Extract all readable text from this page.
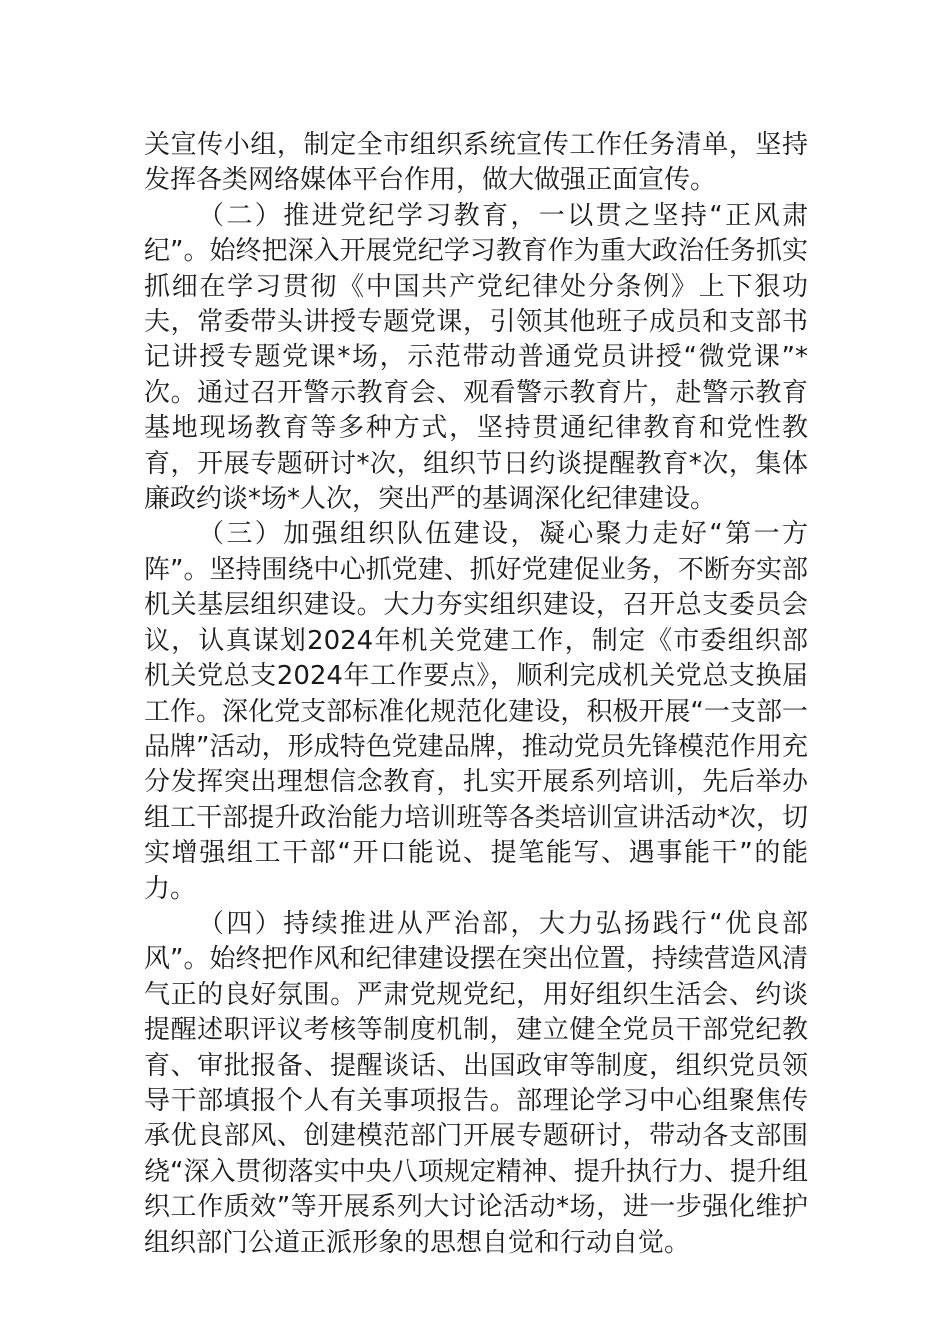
关宣传小组，制定全市组织系统宣传工作任务清单，坚持发挥各类网络媒体平台作用，做大做强正面宣传。

（二）推进党纪学习教育，一以贯之坚持“正风肃纪”。始终把深入开展党纪学习教育作为重大政治任务抓实抓细在学习贯彻《中国共产党纪律处分条例》上下狠功夫，常委带头讲授专题党课，引领其他班子成员和支部书记讲授专题党课*场，示范带动普通党员讲授“微党课”*次。通过召开警示教育会、观看警示教育片，赴警示教育基地现场教育等多种方式，坚持贯通纪律教育和党性教育，开展专题研讨*次，组织节日约谈提醒教育*次，集体廉政约谈*场*人次，突出严的基调深化纪律建设。

（三）加强组织队伍建设，凝心聚力走好“第一方阵”。坚持围绕中心抓党建、抓好党建促业务，不断夯实部机关基层组织建设。大力夯实组织建设，召开总支委员会议，认真谋划2024年机关党建工作，制定《市委组织部机关党总支2024年工作要点》，顺利完成机关党总支换届工作。深化党支部标准化规范化建设，积极开展“一支部一品牌”活动，形成特色党建品牌，推动党员先锋模范作用充分发挥突出理想信念教育，扎实开展系列培训，先后举办组工干部提升政治能力培训班等各类培训宣讲活动*次，切实增强组工干部“开口能说、提笔能写、遇事能干”的能力。

（四）持续推进从严治部，大力弘扬践行“优良部风”。始终把作风和纪律建设摆在突出位置，持续营造风清气正的良好氛围。严肃党规党纪，用好组织生活会、约谈提醒述职评议考核等制度机制，建立健全党员干部党纪教育、审批报备、提醒谈话、出国政审等制度，组织党员领导干部填报个人有关事项报告。部理论学习中心组聚焦传承优良部风、创建模范部门开展专题研讨，带动各支部围绕“深入贯彻落实中央八项规定精神、提升执行力、提升组织工作质效”等开展系列大讨论活动*场，进一步强化维护组织部门公道正派形象的思想自觉和行动自觉。
